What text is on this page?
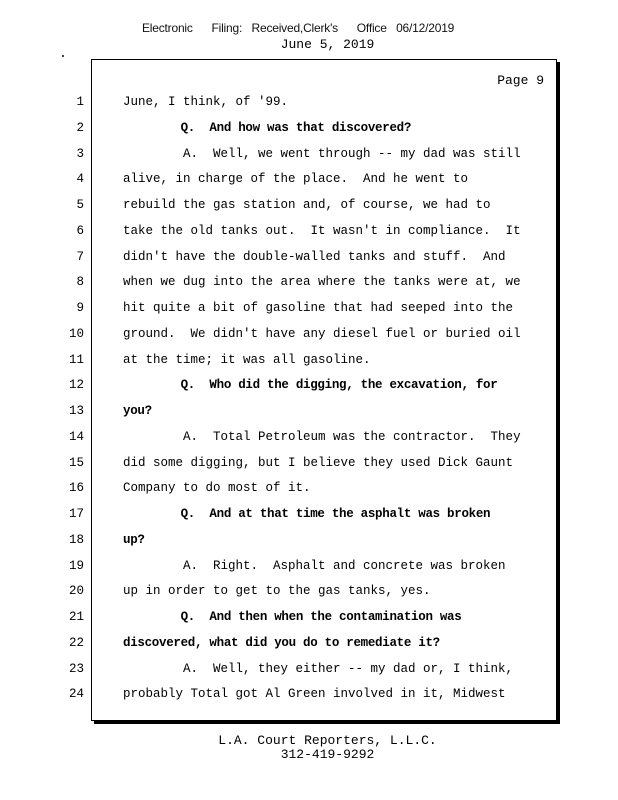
Electronic      Filing:   Received,Clerk's      Office   06/12/2019
June 5, 2019
Page 9
1	June, I think, of '99.
2	Q.  And how was that discovered?
3	A.  Well, we went through -- my dad was still
4	alive, in charge of the place.  And he went to
5	rebuild the gas station and, of course, we had to
6	take the old tanks out.  It wasn't in compliance.  It
7	didn't have the double-walled tanks and stuff.  And
8	when we dug into the area where the tanks were at, we
9	hit quite a bit of gasoline that had seeped into the
10	ground.  We didn't have any diesel fuel or buried oil
11	at the time; it was all gasoline.
12	Q.  Who did the digging, the excavation, for
13	you?
14	A.  Total Petroleum was the contractor.  They
15	did some digging, but I believe they used Dick Gaunt
16	Company to do most of it.
17	Q.  And at that time the asphalt was broken
18	up?
19	A.  Right.  Asphalt and concrete was broken
20	up in order to get to the gas tanks, yes.
21	Q.  And then when the contamination was
22	discovered, what did you do to remediate it?
23	A.  Well, they either -- my dad or, I think,
24	probably Total got Al Green involved in it, Midwest
L.A. Court Reporters, L.L.C.
312-419-9292
